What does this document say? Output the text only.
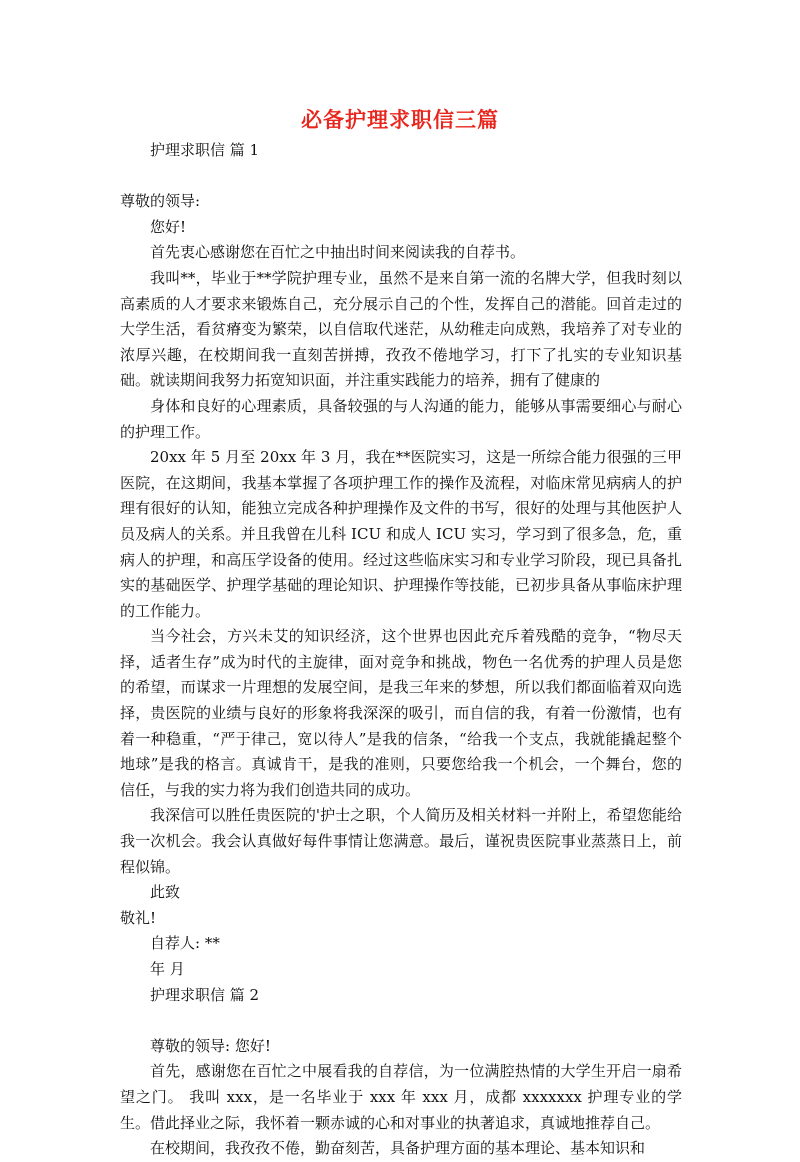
必备护理求职信三篇
护理求职信 篇 1
尊敬的领导:
您好!

首先衷心感谢您在百忙之中抽出时间来阅读我的自荐书。

我叫**，毕业于**学院护理专业，虽然不是来自第一流的名牌大学，但我时刻以高素质的人才要求来锻炼自己，充分展示自己的个性，发挥自己的潜能。回首走过的大学生活，看贫瘠变为繁荣，以自信取代迷茫，从幼稚走向成熟，我培养了对专业的浓厚兴趣，在校期间我一直刻苦拼搏，孜孜不倦地学习，打下了扎实的专业知识基础。就读期间我努力拓宽知识面，并注重实践能力的培养，拥有了健康的

身体和良好的心理素质，具备较强的与人沟通的能力，能够从事需要细心与耐心的护理工作。

20xx 年 5 月至 20xx 年 3 月，我在**医院实习，这是一所综合能力很强的三甲医院，在这期间，我基本掌握了各项护理工作的操作及流程，对临床常见病病人的护理有很好的认知，能独立完成各种护理操作及文件的书写，很好的处理与其他医护人员及病人的关系。并且我曾在儿科 ICU 和成人 ICU 实习，学习到了很多急，危，重病人的护理，和高压学设备的使用。经过这些临床实习和专业学习阶段，现已具备扎实的基础医学、护理学基础的理论知识、护理操作等技能，已初步具备从事临床护理的工作能力。

当今社会，方兴未艾的知识经济，这个世界也因此充斥着残酷的竞争，“物尽天择，适者生存”成为时代的主旋律，面对竞争和挑战，物色一名优秀的护理人员是您的希望，而谋求一片理想的发展空间，是我三年来的梦想，所以我们都面临着双向选择，贵医院的业绩与良好的形象将我深深的吸引，而自信的我，有着一份激情，也有着一种稳重，“严于律己，宽以待人”是我的信条，“给我一个支点，我就能撬起整个地球”是我的格言。真诚肯干，是我的准则，只要您给我一个机会，一个舞台，您的信任，与我的实力将为我们创造共同的成功。

我深信可以胜任贵医院的'护士之职，个人简历及相关材料一并附上，希望您能给我一次机会。我会认真做好每件事情让您满意。最后，谨祝贵医院事业蒸蒸日上，前程似锦。

此致
敬礼!
自荐人: **
年 月
护理求职信 篇 2
尊敬的领导: 您好!

首先，感谢您在百忙之中展看我的自荐信，为一位满腔热情的大学生开启一扇希望之门。 我叫 xxx，是一名毕业于 xxx 年 xxx 月，成都 xxxxxxx 护理专业的学生。借此择业之际，我怀着一颗赤诚的心和对事业的执著追求，真诚地推荐自己。

在校期间，我孜孜不倦，勤奋刻苦，具备护理方面的基本理论、基本知识和
